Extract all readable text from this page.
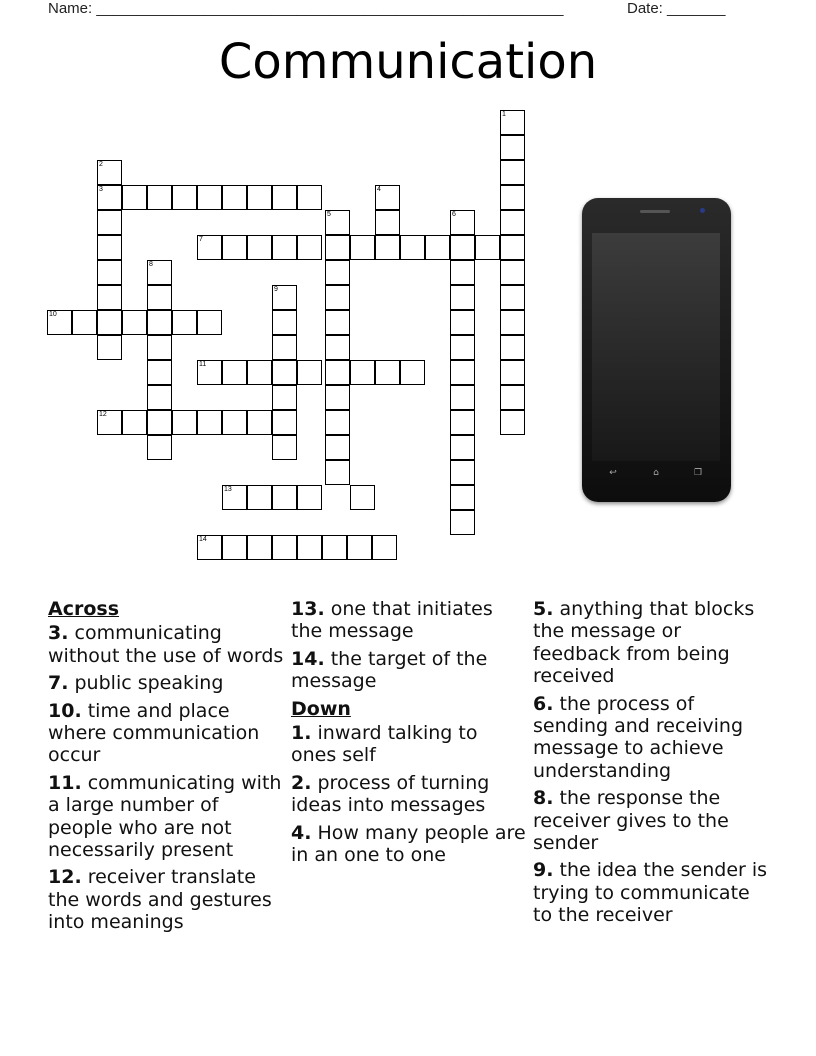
Name: ________________________________________________________	Date: _______
Communication
1
2
3	4
5	6
7
8
9
10
11
12
13
14
↩	⌂	❐
Across
3. communicating without the use of words
7. public speaking
10. time and place where communication occur
11. communicating with a large number of people who are not necessarily present
12. receiver translate the words and gestures into meanings
13. one that initiates the message
14. the target of the message
Down
1. inward talking to ones self
2. process of turning ideas into messages
4. How many people are in an one to one
5. anything that blocks the message or feedback from being received
6. the process of sending and receiving message to achieve understanding
8. the response the receiver gives to the sender
9. the idea the sender is trying to communicate to the receiver
